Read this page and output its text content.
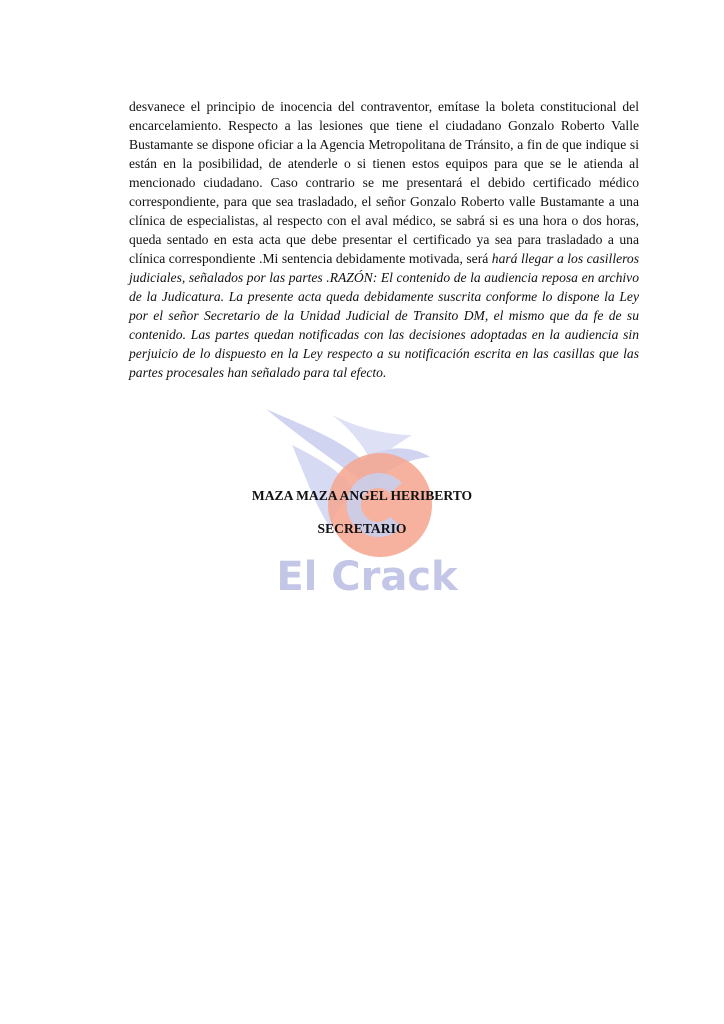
El Crack

desvanece el principio de inocencia del contraventor, emítase la boleta constitucional del encarcelamiento. Respecto a las lesiones que tiene el ciudadano Gonzalo Roberto Valle Bustamante se dispone oficiar a la Agencia Metropolitana de Tránsito, a fin de que indique si están en la posibilidad, de atenderle o si tienen estos equipos para que se le atienda al mencionado ciudadano. Caso contrario se me presentará el debido certificado médico correspondiente, para que sea trasladado, el señor Gonzalo Roberto valle Bustamante a una clínica de especialistas, al respecto con el aval médico, se sabrá si es una hora o dos horas, queda sentado en esta acta que debe presentar el certificado ya sea para trasladado a una clínica correspondiente .Mi sentencia debidamente motivada, será hará llegar a los casilleros judiciales, señalados por las partes .RAZÓN: El contenido de la audiencia reposa en archivo de la Judicatura. La presente acta queda debidamente suscrita conforme lo dispone la Ley por el señor Secretario de la Unidad Judicial de Transito DM, el mismo que da fe de su contenido. Las partes quedan notificadas con las decisiones adoptadas en la audiencia sin perjuicio de lo dispuesto en la Ley respecto a su notificación escrita en las casillas que las partes procesales han señalado para tal efecto.

MAZA MAZA ANGEL HERIBERTO

SECRETARIO
